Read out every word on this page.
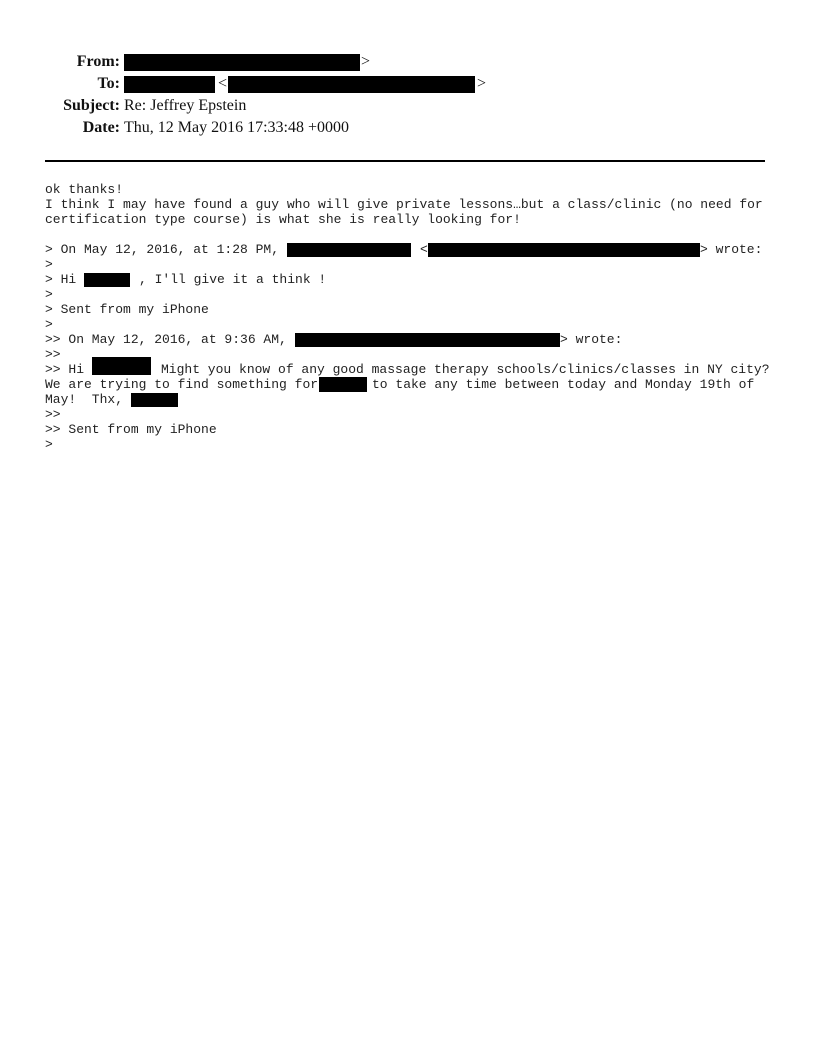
From:	>
To:	<	>
Subject: Re: Jeffrey Epstein
Date: Thu, 12 May 2016 17:33:48 +0000
ok thanks!
I think I may have found a guy who will give private lessons…but a class/clinic (no need for
certification type course) is what she is really looking for!
> On May 12, 2016, at 1:28 PM,	<	> wrote:
>
> Hi	, I'll give it a think !
>
> Sent from my iPhone
>
>> On May 12, 2016, at 9:36 AM,	> wrote:
>>
>> Hi	Might you know of any good massage therapy schools/clinics/classes in NY city?
We are trying to find something for	to take any time between today and Monday 19th of
May!  Thx,
>>
>> Sent from my iPhone
>
